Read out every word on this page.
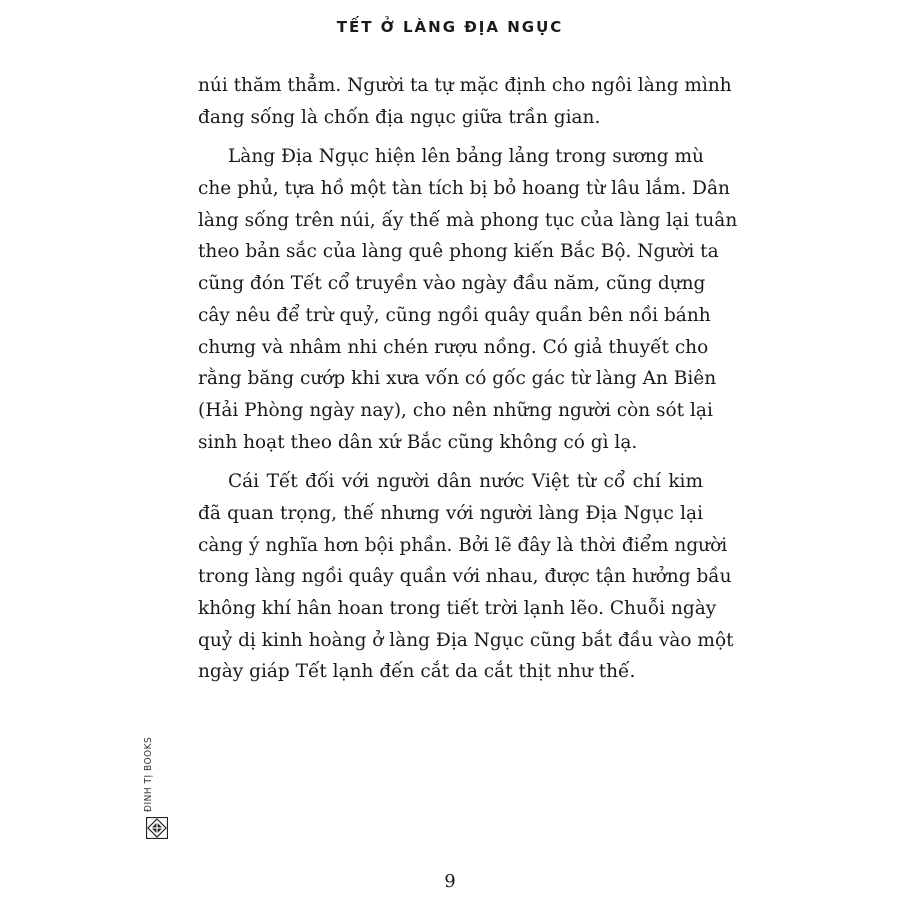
TẾT Ở LÀNG ĐỊA NGỤC
núi thăm thẳm. Người ta tự mặc định cho ngôi làng mình
đang sống là chốn địa ngục giữa trần gian.
Làng Địa Ngục hiện lên bảng lảng trong sương mù
che phủ, tựa hồ một tàn tích bị bỏ hoang từ lâu lắm. Dân
làng sống trên núi, ấy thế mà phong tục của làng lại tuân
theo bản sắc của làng quê phong kiến Bắc Bộ. Người ta
cũng đón Tết cổ truyền vào ngày đầu năm, cũng dựng
cây nêu để trừ quỷ, cũng ngồi quây quần bên nồi bánh
chưng và nhâm nhi chén rượu nồng. Có giả thuyết cho
rằng băng cướp khi xưa vốn có gốc gác từ làng An Biên
(Hải Phòng ngày nay), cho nên những người còn sót lại
sinh hoạt theo dân xứ Bắc cũng không có gì lạ.
Cái Tết đối với người dân nước Việt từ cổ chí kim
đã quan trọng, thế nhưng với người làng Địa Ngục lại
càng ý nghĩa hơn bội phần. Bởi lẽ đây là thời điểm người
trong làng ngồi quây quần với nhau, được tận hưởng bầu
không khí hân hoan trong tiết trời lạnh lẽo. Chuỗi ngày
quỷ dị kinh hoàng ở làng Địa Ngục cũng bắt đầu vào một
ngày giáp Tết lạnh đến cắt da cắt thịt như thế.
ĐINH TỊ BOOKS
9
